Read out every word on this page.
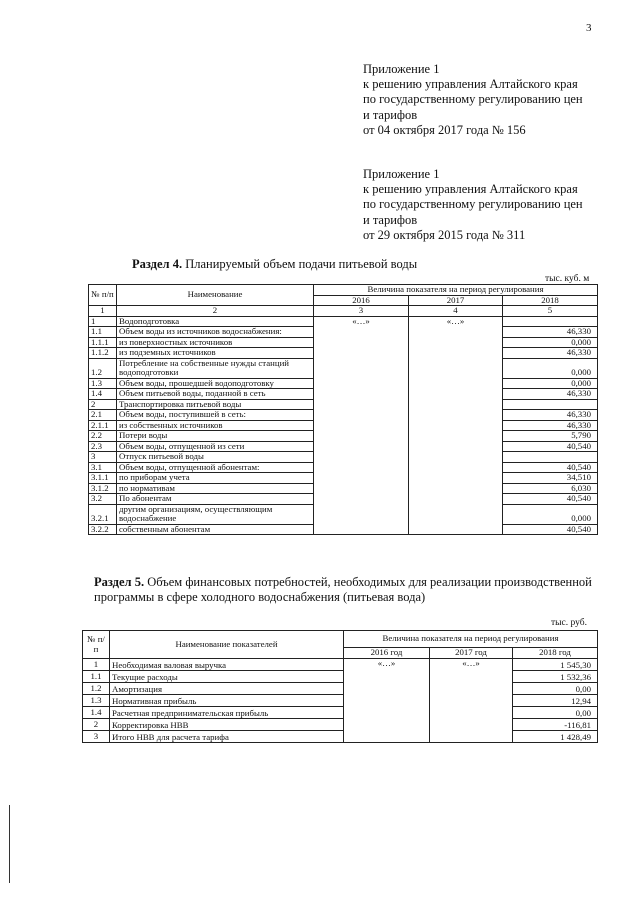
3
Приложение 1
к решению управления Алтайского края
по государственному регулированию цен
и тарифов
от 04 октября 2017 года № 156
Приложение 1
к решению управления Алтайского края
по государственному регулированию цен
и тарифов
от 29 октября 2015 года № 311
Раздел 4. Планируемый объем подачи питьевой воды
тыс. куб. м
№ п/п	Наименование	Величина показателя на период регулирования		
		2016	2017	2018
1	2	3	4	5
1	Водоподготовка	«…»	«…»	
1.1	Объем воды из источников водоснабжения:			46,330
1.1.1	из поверхностных источников			0,000
1.1.2	из подземных источников			46,330
1.2	Потребление на собственные нужды станций водоподготовки			0,000
1.3	Объем воды, прошедшей водоподготовку			0,000
1.4	Объем питьевой воды, поданной в сеть			46,330
2	Транспортировка питьевой воды			
2.1	Объем воды, поступившей в сеть:			46,330
2.1.1	из собственных источников			46,330
2.2	Потери воды			5,790
2.3	Объем воды, отпущенной из сети			40,540
3	Отпуск питьевой воды			
3.1	Объем воды, отпущенной абонентам:			40,540
3.1.1	по приборам учета			34,510
3.1.2	по нормативам			6,030
3.2	По абонентам			40,540
3.2.1	другим организациям, осуществляющим водоснабжение			0,000
3.2.2	собственным абонентам			40,540
Раздел 5. Объем финансовых потребностей, необходимых для реализации производственной программы в сфере холодного водоснабжения (питьевая вода)
тыс. руб.
№ п/п	Наименование показателей	Величина показателя на период регулирования		
		2016 год	2017 год	2018 год
1	Необходимая валовая выручка	«…»	«…»	1 545,30
1.1	Текущие расходы			1 532,36
1.2	Амортизация			0,00
1.3	Нормативная прибыль			12,94
1.4	Расчетная предпринимательская прибыль			0,00
2	Корректировка НВВ			-116,81
3	Итого НВВ для расчета тарифа			1 428,49
